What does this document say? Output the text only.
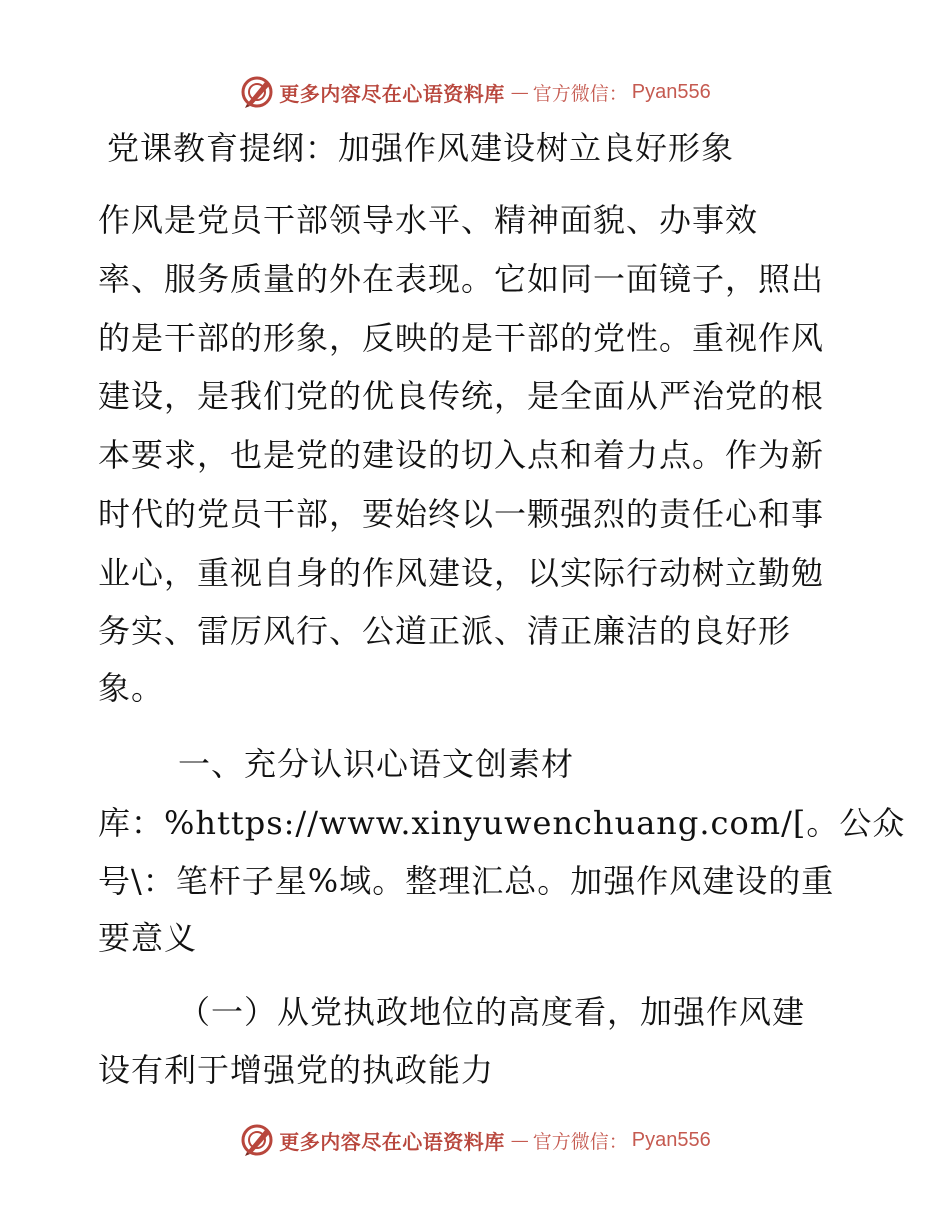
更多内容尽在心语资料库 — 官方微信： Pyan556
党课教育提纲：加强作风建设树立良好形象
作风是党员干部领导水平、精神面貌、办事效
率、服务质量的外在表现。它如同一面镜子，照出
的是干部的形象，反映的是干部的党性。重视作风
建设，是我们党的优良传统，是全面从严治党的根
本要求，也是党的建设的切入点和着力点。作为新
时代的党员干部，要始终以一颗强烈的责任心和事
业心，重视自身的作风建设，以实际行动树立勤勉
务实、雷厉风行、公道正派、清正廉洁的良好形
象。
一、充分认识心语文创素材
库：%https://www.xinyuwenchuang.com/[。公众
号\：笔杆子星%域。整理汇总。加强作风建设的重
要意义
（一）从党执政地位的高度看，加强作风建
设有利于增强党的执政能力
更多内容尽在心语资料库 — 官方微信： Pyan556
